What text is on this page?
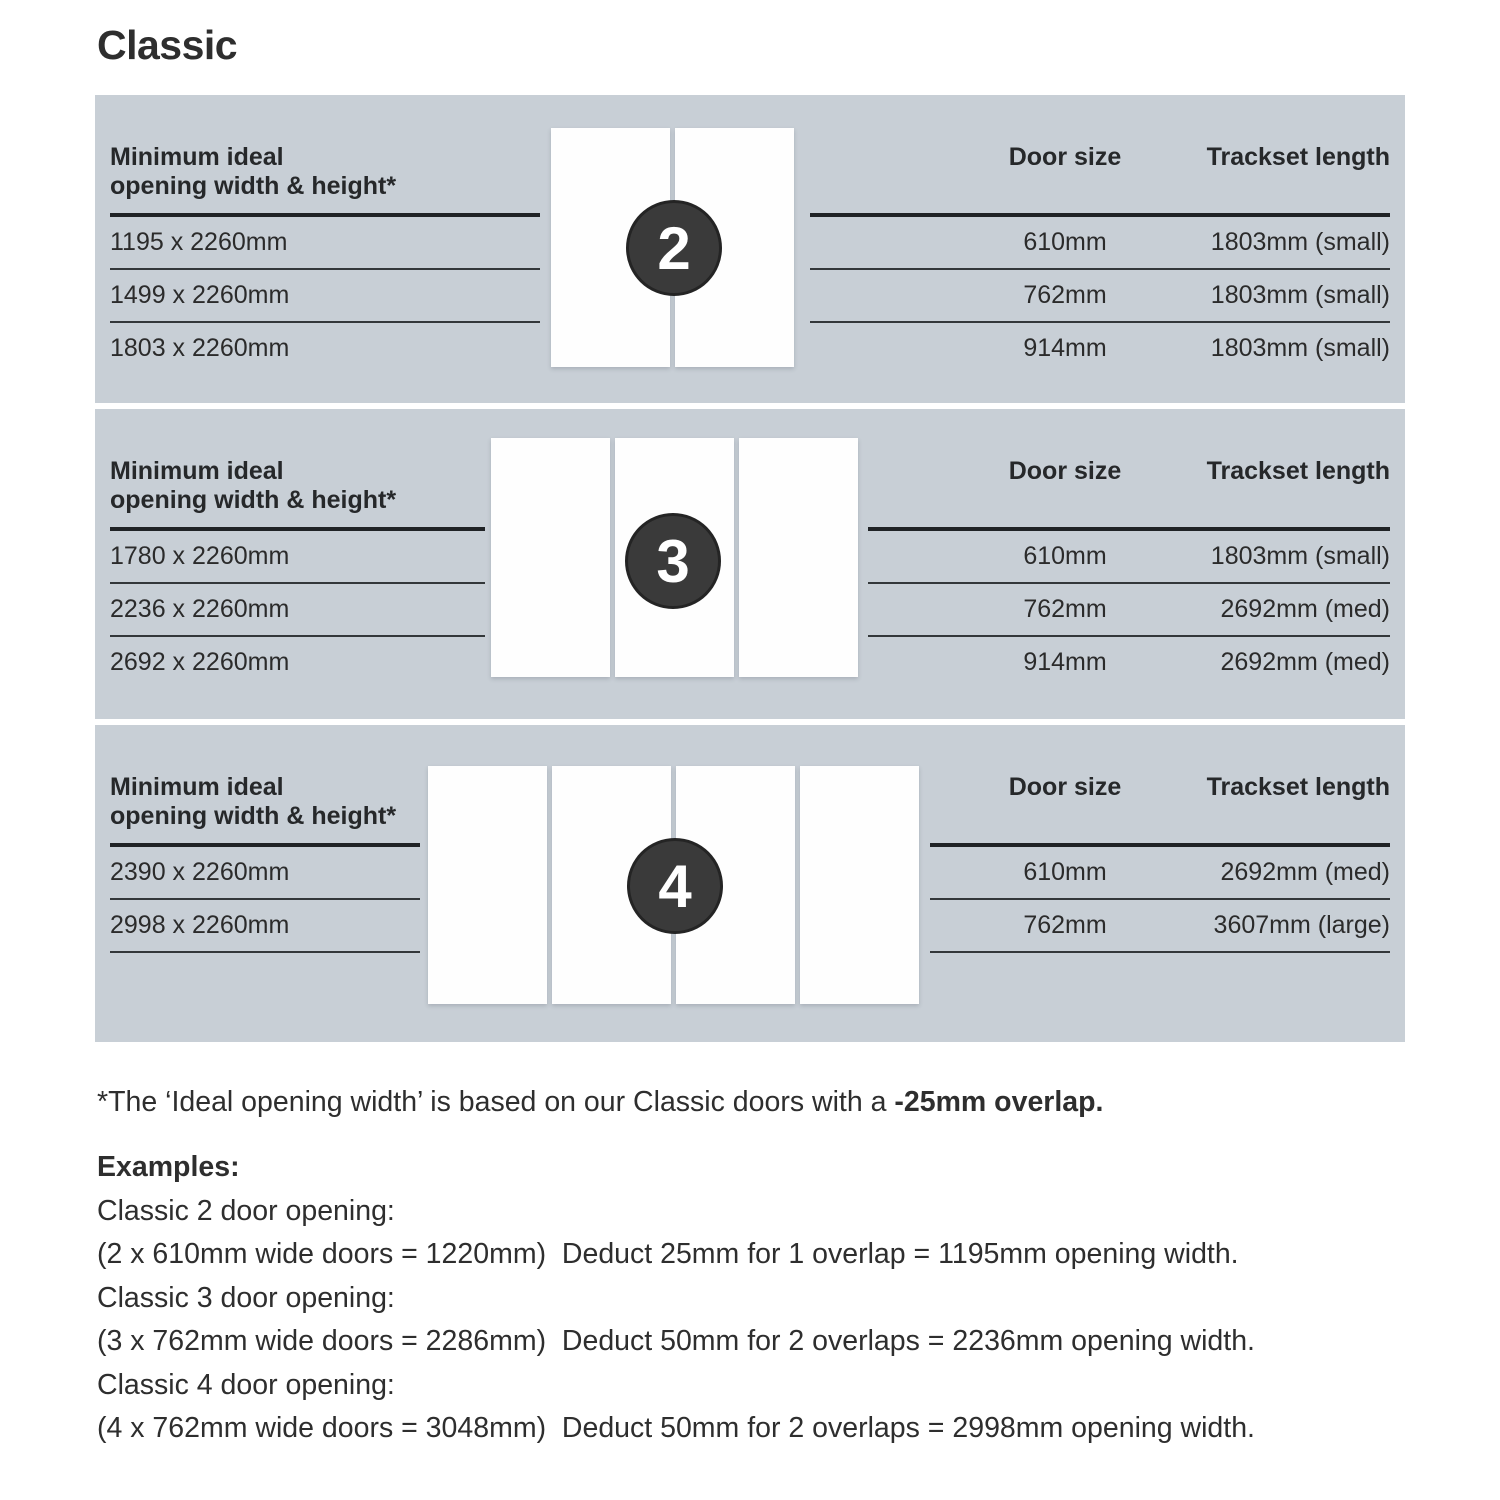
Classic
Minimum ideal
opening width & height*
1195 x 2260mm
1499 x 2260mm
1803 x 2260mm
2
Door size	Trackset length
610mm	1803mm (small)
762mm	1803mm (small)
914mm	1803mm (small)
Minimum ideal
opening width & height*
1780 x 2260mm
2236 x 2260mm
2692 x 2260mm
3
Door size	Trackset length
610mm	1803mm (small)
762mm	2692mm (med)
914mm	2692mm (med)
Minimum ideal
opening width & height*
2390 x 2260mm
2998 x 2260mm
4
Door size	Trackset length
610mm	2692mm (med)
762mm	3607mm (large)
*The ‘Ideal opening width’ is based on our Classic doors with a -25mm overlap.
Examples:
Classic 2 door opening:
(2 x 610mm wide doors = 1220mm)  Deduct 25mm for 1 overlap = 1195mm opening width.
Classic 3 door opening:
(3 x 762mm wide doors = 2286mm)  Deduct 50mm for 2 overlaps = 2236mm opening width.
Classic 4 door opening:
(4 x 762mm wide doors = 3048mm)  Deduct 50mm for 2 overlaps = 2998mm opening width.
